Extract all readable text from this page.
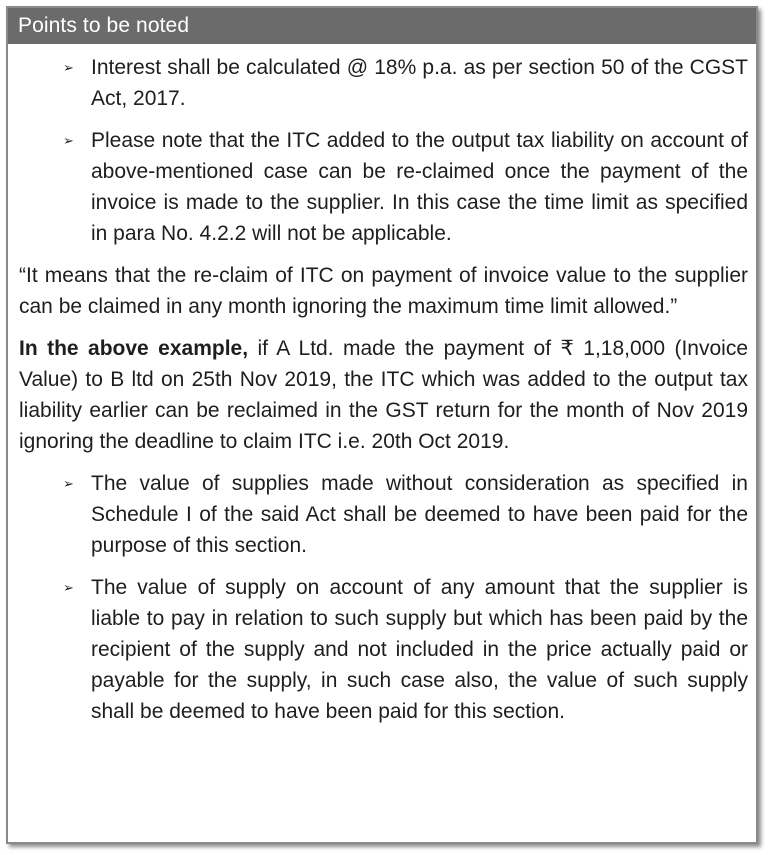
Points to be noted
➢ Interest shall be calculated @ 18% p.a. as per section 50 of the CGST Act, 2017.
➢ Please note that the ITC added to the output tax liability on account of above-mentioned case can be re-claimed once the payment of the invoice is made to the supplier. In this case the time limit as specified in para No. 4.2.2 will not be applicable.
“It means that the re-claim of ITC on payment of invoice value to the supplier can be claimed in any month ignoring the maximum time limit allowed.”
In the above example, if A Ltd. made the payment of ₹ 1,18,000 (Invoice Value) to B ltd on 25th Nov 2019, the ITC which was added to the output tax liability earlier can be reclaimed in the GST return for the month of Nov 2019 ignoring the deadline to claim ITC i.e. 20th Oct 2019.
➢ The value of supplies made without consideration as specified in Schedule I of the said Act shall be deemed to have been paid for the purpose of this section.
➢ The value of supply on account of any amount that the supplier is liable to pay in relation to such supply but which has been paid by the recipient of the supply and not included in the price actually paid or payable for the supply, in such case also, the value of such supply shall be deemed to have been paid for this section.
